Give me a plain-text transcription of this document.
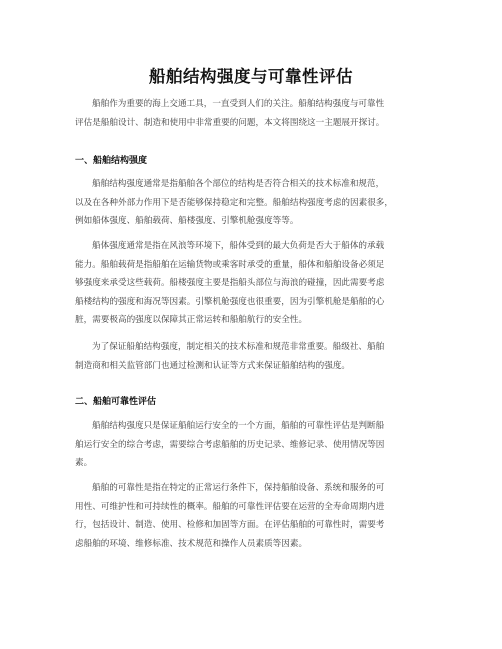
船舶结构强度与可靠性评估

船舶作为重要的海上交通工具，一直受到人们的关注。船舶结构强度与可靠性
评估是船舶设计、制造和使用中非常重要的问题，本文将围绕这一主题展开探讨。

一、船舶结构强度

船舶结构强度通常是指船舶各个部位的结构是否符合相关的技术标准和规范，
以及在各种外部力作用下是否能够保持稳定和完整。船舶结构强度考虑的因素很多，
例如船体强度、船舶载荷、船楼强度、引擎机舱强度等等。

船体强度通常是指在风浪等环境下，船体受到的最大负荷是否大于船体的承载
能力。船舶载荷是指船舶在运输货物或乘客时承受的重量，船体和船舶设备必须足
够强度来承受这些载荷。船楼强度主要是指船头部位与海浪的碰撞，因此需要考虑
船楼结构的强度和海况等因素。引擎机舱强度也很重要，因为引擎机舱是船舶的心
脏，需要极高的强度以保障其正常运转和船舶航行的安全性。

为了保证船舶结构强度，制定相关的技术标准和规范非常重要。船级社、船舶
制造商和相关监管部门也通过检测和认证等方式来保证船舶结构的强度。

二、船舶可靠性评估

船舶结构强度只是保证船舶运行安全的一个方面，船舶的可靠性评估是判断船
舶运行安全的综合考虑，需要综合考虑船舶的历史记录、维修记录、使用情况等因
素。

船舶的可靠性是指在特定的正常运行条件下，保持船舶设备、系统和服务的可
用性、可维护性和可持续性的概率。船舶的可靠性评估要在运营的全寿命周期内进
行，包括设计、制造、使用、检修和加固等方面。在评估船舶的可靠性时，需要考
虑船舶的环境、维修标准、技术规范和操作人员素质等因素。
